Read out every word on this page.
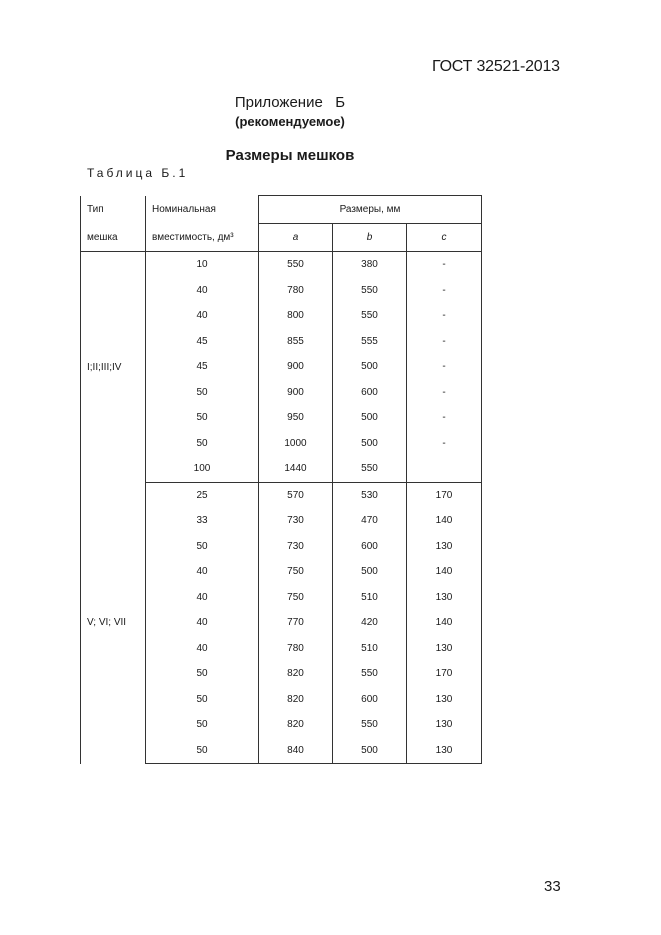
ГОСТ 32521-2013
Приложение   Б
(рекомендуемое)
Размеры мешков
Таблица Б.1
Тип	Номинальная	Размеры, мм		
мешка	вместимость, дм³	a	b	c
I;II;III;IV	10	550	380	-
	40	780	550	-
	40	800	550	-
	45	855	555	-
	45	900	500	-
	50	900	600	-
	50	950	500	-
	50	1000	500	-
	100	1440	550	
V; VI; VII	25	570	530	170
	33	730	470	140
	50	730	600	130
	40	750	500	140
	40	750	510	130
	40	770	420	140
	40	780	510	130
	50	820	550	170
	50	820	600	130
	50	820	550	130
	50	840	500	130
33
